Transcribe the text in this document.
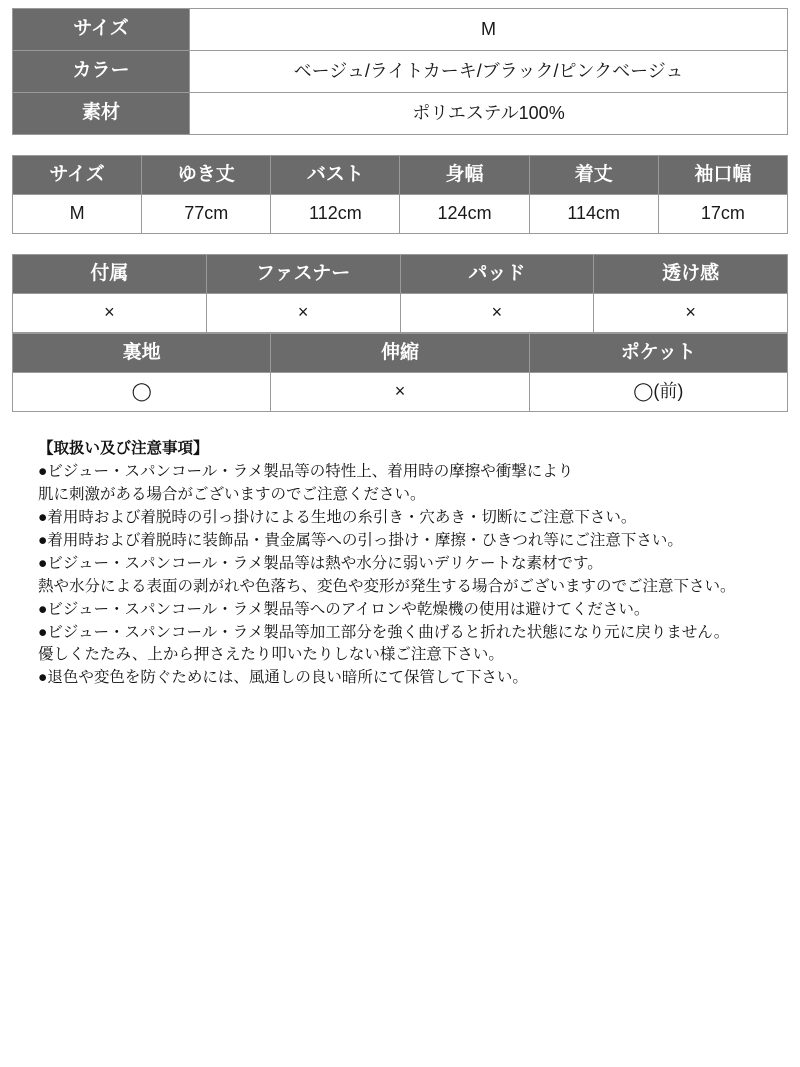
サイズ	M
カラー	ベージュ/ライトカーキ/ブラック/ピンクベージュ
素材	ポリエステル100%
サイズ	ゆき丈	バスト	身幅	着丈	袖口幅
M	77cm	112cm	124cm	114cm	17cm
付属	ファスナー	パッド	透け感
×	×	×	×
裏地	伸縮	ポケット
◯	×	◯(前)

【取扱い及び注意事項】

●ビジュー・スパンコール・ラメ製品等の特性上、着用時の摩擦や衝撃により

肌に刺激がある場合がございますのでご注意ください。

●着用時および着脱時の引っ掛けによる生地の糸引き・穴あき・切断にご注意下さい。

●着用時および着脱時に装飾品・貴金属等への引っ掛け・摩擦・ひきつれ等にご注意下さい。

●ビジュー・スパンコール・ラメ製品等は熱や水分に弱いデリケートな素材です。

熱や水分による表面の剥がれや色落ち、変色や変形が発生する場合がございますのでご注意下さい。

●ビジュー・スパンコール・ラメ製品等へのアイロンや乾燥機の使用は避けてください。

●ビジュー・スパンコール・ラメ製品等加工部分を強く曲げると折れた状態になり元に戻りません。

優しくたたみ、上から押さえたり叩いたりしない様ご注意下さい。

●退色や変色を防ぐためには、風通しの良い暗所にて保管して下さい。
